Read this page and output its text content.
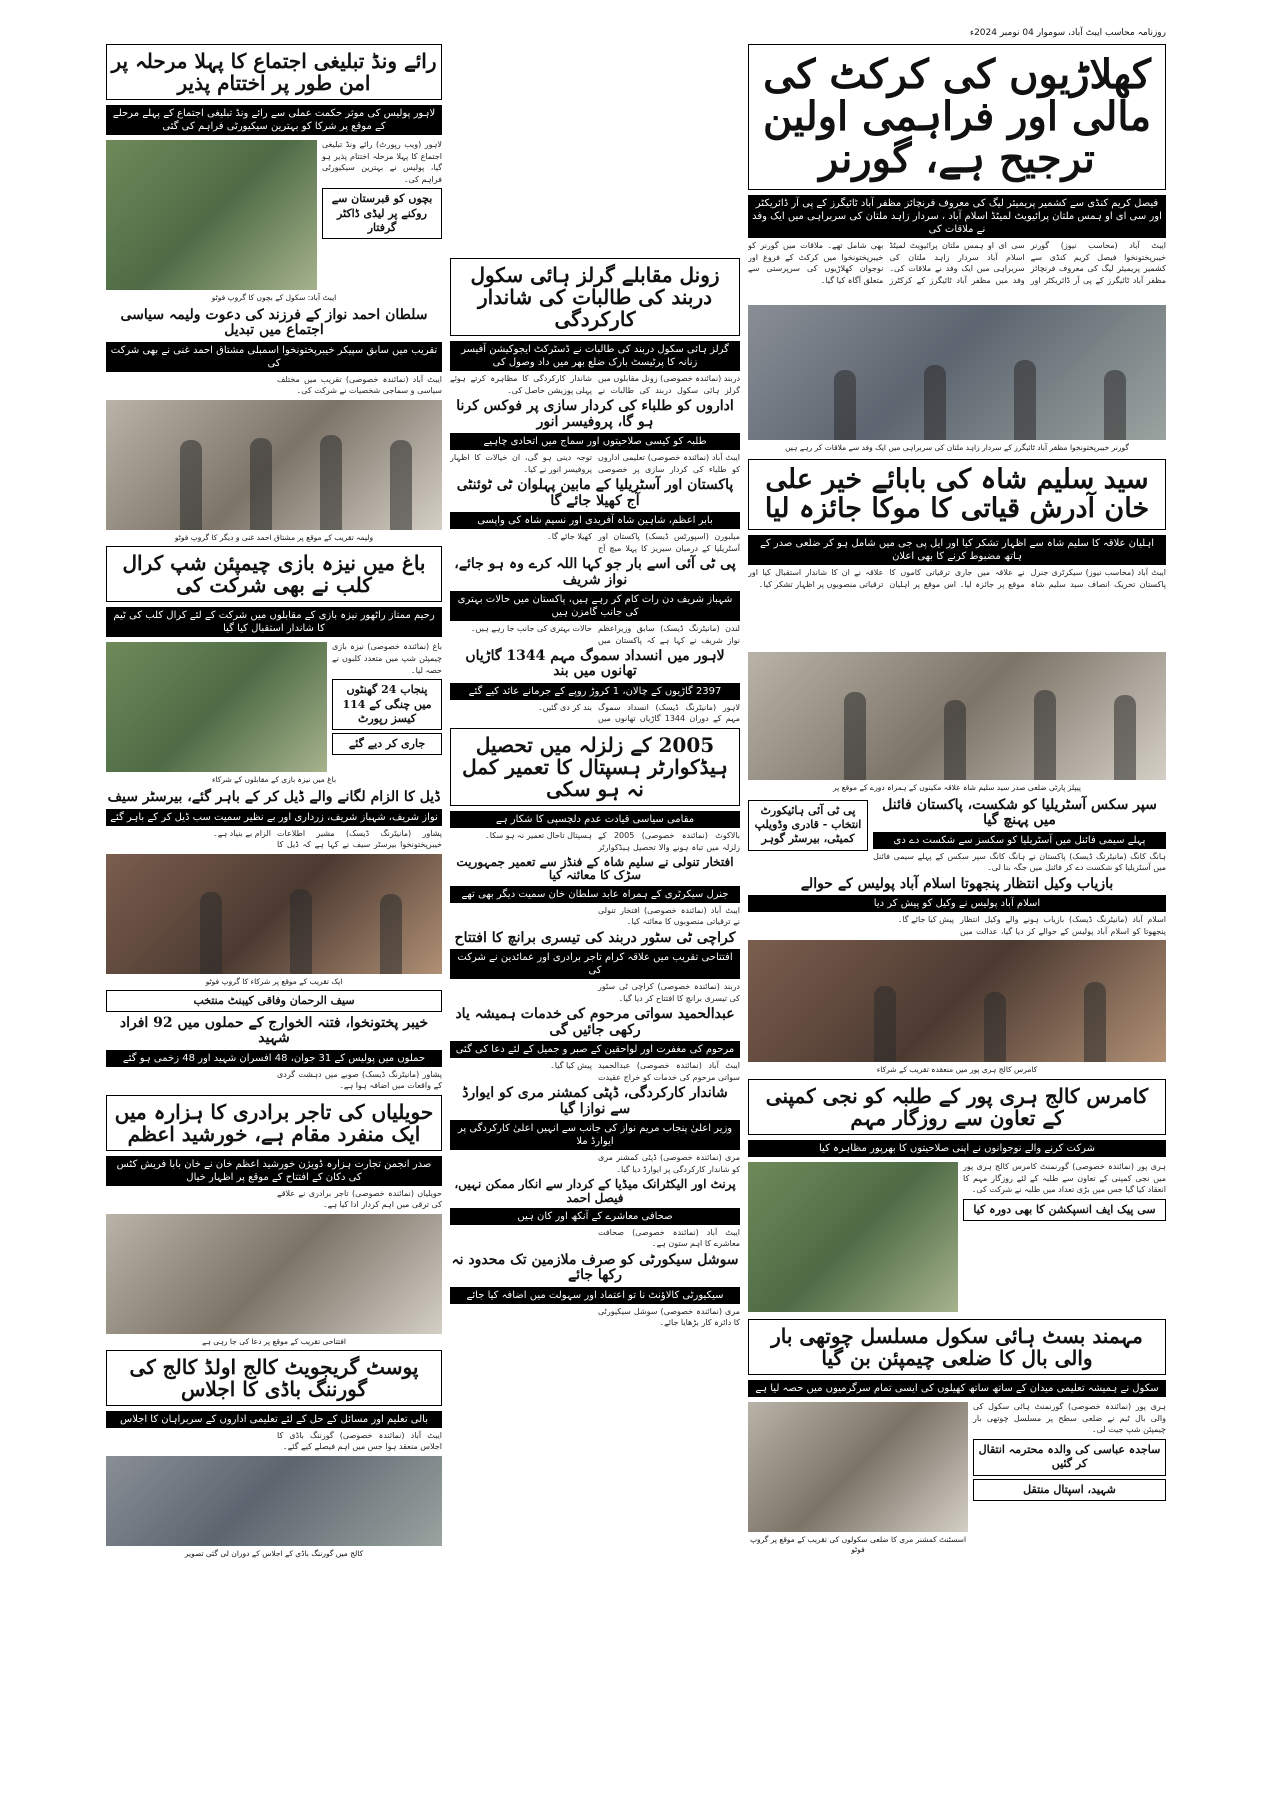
روزنامہ محاسب ایبٹ آباد، سوموار 04 نومبر 2024ء
کھلاڑیوں کی کرکٹ کی مالی اور فراہمی اولین ترجیح ہے، گورنر
فیصل کریم کنڈی سے کشمیر پریمیئر لیگ کی معروف فرنچائز مظفر آباد ٹائیگرز کے پی آر ڈائریکٹر اور سی ای او ہمس ملتان پرائیویٹ لمیٹڈ اسلام آباد ، سردار زاہد ملتان کی سربراہی میں ایک وفد نے ملاقات کی
ایبٹ آباد (محاسب نیوز) گورنر خیبرپختونخوا فیصل کریم کنڈی سے کشمیر پریمیئر لیگ کی معروف فرنچائز مظفر آباد ٹائیگرز کے پی آر ڈائریکٹر اور سی ای او ہمس ملتان پرائیویٹ لمیٹڈ اسلام آباد سردار زاہد ملتان کی سربراہی میں ایک وفد نے ملاقات کی۔ وفد میں مظفر آباد ٹائیگرز کے کرکٹرز بھی شامل تھے۔ ملاقات میں گورنر کو خیبرپختونخوا میں کرکٹ کے فروغ اور نوجوان کھلاڑیوں کی سرپرستی سے متعلق آگاہ کیا گیا۔
گورنر خیبرپختونخوا مظفر آباد ٹائیگرز کے سردار زاہد ملتان کی سربراہی میں ایک وفد سے ملاقات کر رہے ہیں
سید سلیم شاہ کی بابائے خیر علی خان آدرش قیاتی کا موکا جائزہ لیا
اہلیان علاقہ کا سلیم شاہ سے اظہار تشکر کیا اور ایل پی جی میں شامل ہو کر ضلعی صدر کے ہاتھ مضبوط کرنے کا بھی اعلان
ایبٹ آباد (محاسب نیوز) سیکرٹری جنرل پاکستان تحریک انصاف سید سلیم شاہ نے علاقہ میں جاری ترقیاتی کاموں کا موقع پر جائزہ لیا۔ اس موقع پر اہلیان علاقہ نے ان کا شاندار استقبال کیا اور ترقیاتی منصوبوں پر اظہار تشکر کیا۔
پیپلز پارٹی ضلعی صدر سید سلیم شاہ علاقہ مکینوں کے ہمراہ دورے کے موقع پر
سپر سکس آسٹریلیا کو شکست، پاکستان فائنل میں پہنچ گیا
پہلے سیمی فائنل میں آسٹریلیا کو سکسز سے شکست دے دی
ہانگ کانگ (مانیٹرنگ ڈیسک) پاکستان نے ہانگ کانگ سپر سکس کے پہلے سیمی فائنل میں آسٹریلیا کو شکست دے کر فائنل میں جگہ بنا لی۔
پی ٹی آئی ہائیکورٹ انتخاب - قادری وڈویلپ کمیٹی، بیرسٹر گوہر
بازیاب وکیل انتظار پنجھوتا اسلام آباد پولیس کے حوالے
اسلام آباد پولیس نے وکیل کو پیش کر دیا
اسلام آباد (مانیٹرنگ ڈیسک) بازیاب ہونے والے وکیل انتظار پنجھوتا کو اسلام آباد پولیس کے حوالے کر دیا گیا، عدالت میں پیش کیا جائے گا۔
کامرس کالج ہری پور میں منعقدہ تقریب کے شرکاء
کامرس کالج ہری پور کے طلبہ کو نجی کمپنی کے تعاون سے روزگار مہم
شرکت کرنے والے نوجوانوں نے اپنی صلاحیتوں کا بھرپور مظاہرہ کیا
ہری پور (نمائندہ خصوصی) گورنمنٹ کامرس کالج ہری پور میں نجی کمپنی کے تعاون سے طلبہ کے لئے روزگار مہم کا انعقاد کیا گیا جس میں بڑی تعداد میں طلبہ نے شرکت کی۔
سی پیک ایف انسپکشن کا بھی دورہ کیا
مہمند بسٹ ہائی سکول مسلسل چوتھی بار والی بال کا ضلعی چیمپئن بن گیا
سکول نے ہمیشہ تعلیمی میدان کے ساتھ ساتھ کھیلوں کی ایسی تمام سرگرمیوں میں حصہ لیا ہے
ہری پور (نمائندہ خصوصی) گورنمنٹ ہائی سکول کی والی بال ٹیم نے ضلعی سطح پر مسلسل چوتھی بار چیمپئن شپ جیت لی۔
ساجدہ عباسی کی والدہ محترمہ انتقال کر گئیں
شہید، اسپتال منتقل
اسسٹنٹ کمشنر مری کا ضلعی سکولوں کی تقریب کے موقع پر گروپ فوٹو
زونل مقابلے گرلز ہائی سکول دربند کی طالبات کی شاندار کارکردگی
گرلز ہائی سکول دربند کی طالبات نے ڈسٹرکٹ ایجوکیشن آفیسر زنانہ کا پرٹیسٹ بارک ضلع بھر میں داد وصول کی
دربند (نمائندہ خصوصی) زونل مقابلوں میں گرلز ہائی سکول دربند کی طالبات نے شاندار کارکردگی کا مظاہرہ کرتے ہوئے پہلی پوزیشن حاصل کی۔
اداروں کو طلباء کی کردار سازی پر فوکس کرنا ہو گا، پروفیسر انور
طلبہ کو کیسی صلاحیتوں اور سماج میں اتحادی چاہیے
ایبٹ آباد (نمائندہ خصوصی) تعلیمی اداروں کو طلباء کی کردار سازی پر خصوصی توجہ دینی ہو گی، ان خیالات کا اظہار پروفیسر انور نے کیا۔
پاکستان اور آسٹریلیا کے مابین پہلوان ٹی ٹوئنٹی آج کھیلا جائے گا
بابر اعظم، شاہین شاہ آفریدی اور نسیم شاہ کی واپسی
میلبورن (اسپورٹس ڈیسک) پاکستان اور آسٹریلیا کے درمیان سیریز کا پہلا میچ آج کھیلا جائے گا۔
پی ٹی آئی اسے بار جو کہا اللہ کرے وہ ہو جائے، نواز شریف
شہباز شریف دن رات کام کر رہے ہیں، پاکستان میں حالات بہتری کی جانب گامزن ہیں
لندن (مانیٹرنگ ڈیسک) سابق وزیراعظم نواز شریف نے کہا ہے کہ پاکستان میں حالات بہتری کی جانب جا رہے ہیں۔
لاہور میں انسداد سموگ مہم 1344 گاڑیاں تھانوں میں بند
2397 گاڑیوں کے چالان، 1 کروڑ روپے کے جرمانے عائد کیے گئے
لاہور (مانیٹرنگ ڈیسک) انسداد سموگ مہم کے دوران 1344 گاڑیاں تھانوں میں بند کر دی گئیں۔
2005 کے زلزلہ میں تحصیل ہیڈکوارٹر ہسپتال کا تعمیر کمل نہ ہو سکی
مقامی سیاسی قیادت عدم دلچسپی کا شکار ہے
بالاکوٹ (نمائندہ خصوصی) 2005 کے زلزلہ میں تباہ ہونے والا تحصیل ہیڈکوارٹر ہسپتال تاحال تعمیر نہ ہو سکا۔
افتخار تنولی نے سلیم شاہ کے فنڈز سے تعمیر جمہوریت سڑک کا معائنہ کیا
جنرل سیکرٹری کے ہمراہ عابد سلطان خان سمیت دیگر بھی تھے
ایبٹ آباد (نمائندہ خصوصی) افتخار تنولی نے ترقیاتی منصوبوں کا معائنہ کیا۔
کراچی ٹی سٹور دربند کی تیسری برانچ کا افتتاح
افتتاحی تقریب میں علاقہ کرام تاجر برادری اور عمائدین نے شرکت کی
دربند (نمائندہ خصوصی) کراچی ٹی سٹور کی تیسری برانچ کا افتتاح کر دیا گیا۔
عبدالحمید سواتی مرحوم کی خدمات ہمیشہ یاد رکھی جائیں گی
مرحوم کی مغفرت اور لواحقین کے صبر و جمیل کے لئے دعا کی گئی
ایبٹ آباد (نمائندہ خصوصی) عبدالحمید سواتی مرحوم کی خدمات کو خراج عقیدت پیش کیا گیا۔
شاندار کارکردگی، ڈپٹی کمشنر مری کو ایوارڈ سے نوازا گیا
وزیر اعلیٰ پنجاب مریم نواز کی جانب سے انہیں اعلیٰ کارکردگی پر ایوارڈ ملا
مری (نمائندہ خصوصی) ڈپٹی کمشنر مری کو شاندار کارکردگی پر ایوارڈ دیا گیا۔
پرنٹ اور الیکٹرانک میڈیا کے کردار سے انکار ممکن نہیں، فیصل احمد
صحافی معاشرے کے آنکھ اور کان ہیں
ایبٹ آباد (نمائندہ خصوصی) صحافت معاشرے کا اہم ستون ہے۔
سوشل سیکورٹی کو صرف ملازمین تک محدود نہ رکھا جائے
سیکیورٹی کالاؤنٹ نا تو اعتماد اور سہولت میں اضافہ کیا جائے
مری (نمائندہ خصوصی) سوشل سیکیورٹی کا دائرہ کار بڑھایا جائے۔
رائے ونڈ تبلیغی اجتماع کا پہلا مرحلہ پر امن طور پر اختتام پذیر
لاہور پولیس کی موثر حکمت عملی سے رائے ونڈ تبلیغی اجتماع کے پہلے مرحلے کے موقع پر شرکا کو بہترین سیکیورٹی فراہم کی گئی
لاہور (ویب رپورٹ) رائے ونڈ تبلیغی اجتماع کا پہلا مرحلہ اختتام پذیر ہو گیا، پولیس نے بہترین سیکیورٹی فراہم کی۔
بچوں کو قبرستان سے روکنے پر لیڈی ڈاکٹر گرفتار
ایبٹ آباد: سکول کے بچوں کا گروپ فوٹو
سلطان احمد نواز کے فرزند کی دعوت ولیمہ سیاسی اجتماع میں تبدیل
تقریب میں سابق سپیکر خیبرپختونخوا اسمبلی مشتاق احمد غنی نے بھی شرکت کی
ایبٹ آباد (نمائندہ خصوصی) تقریب میں مختلف سیاسی و سماجی شخصیات نے شرکت کی۔
ولیمہ تقریب کے موقع پر مشتاق احمد غنی و دیگر کا گروپ فوٹو
باغ میں نیزہ بازی چیمپئن شپ کرال کلب نے بھی شرکت کی
رحیم ممتاز راٹھور نیزہ بازی کے مقابلوں میں شرکت کے لئے کرال کلب کی ٹیم کا شاندار استقبال کیا گیا
باغ (نمائندہ خصوصی) نیزہ بازی چیمپئن شپ میں متعدد کلبوں نے حصہ لیا۔
پنجاب 24 گھنٹوں میں چنگی کے 114 کیسز رپورٹ
جاری کر دیے گئے
باغ میں نیزہ بازی کے مقابلوں کے شرکاء
ڈیل کا الزام لگانے والے ڈیل کر کے باہر گئے، بیرسٹر سیف
نواز شریف، شہباز شریف، زرداری اور بے نظیر سمیت سب ڈیل کر کے باہر گئے
پشاور (مانیٹرنگ ڈیسک) مشیر اطلاعات خیبرپختونخوا بیرسٹر سیف نے کہا ہے کہ ڈیل کا الزام بے بنیاد ہے۔
ایک تقریب کے موقع پر شرکاء کا گروپ فوٹو
سیف الرحمان وفاقی کیبنٹ منتخب
خیبر پختونخوا، فتنہ الخوارج کے حملوں میں 92 افراد شہید
حملوں میں پولیس کے 31 جوان، 48 افسران شہید اور 48 زخمی ہو گئے
پشاور (مانیٹرنگ ڈیسک) صوبے میں دہشت گردی کے واقعات میں اضافہ ہوا ہے۔
حویلیاں کی تاجر برادری کا ہزارہ میں ایک منفرد مقام ہے، خورشید اعظم
صدر انجمن تجارت ہزارہ ڈویژن خورشید اعظم خان نے خان بابا فریش کٹس کی دکان کے افتتاح کے موقع پر اظہار خیال
حویلیاں (نمائندہ خصوصی) تاجر برادری نے علاقے کی ترقی میں اہم کردار ادا کیا ہے۔
افتتاحی تقریب کے موقع پر دعا کی جا رہی ہے
پوسٹ گریجویٹ کالج اولڈ کالج کی گورننگ باڈی کا اجلاس
بالی تعلیم اور مسائل کے حل کے لئے تعلیمی اداروں کے سربراہان کا اجلاس
ایبٹ آباد (نمائندہ خصوصی) گورننگ باڈی کا اجلاس منعقد ہوا جس میں اہم فیصلے کیے گئے۔
کالج میں گورننگ باڈی کے اجلاس کے دوران لی گئی تصویر
